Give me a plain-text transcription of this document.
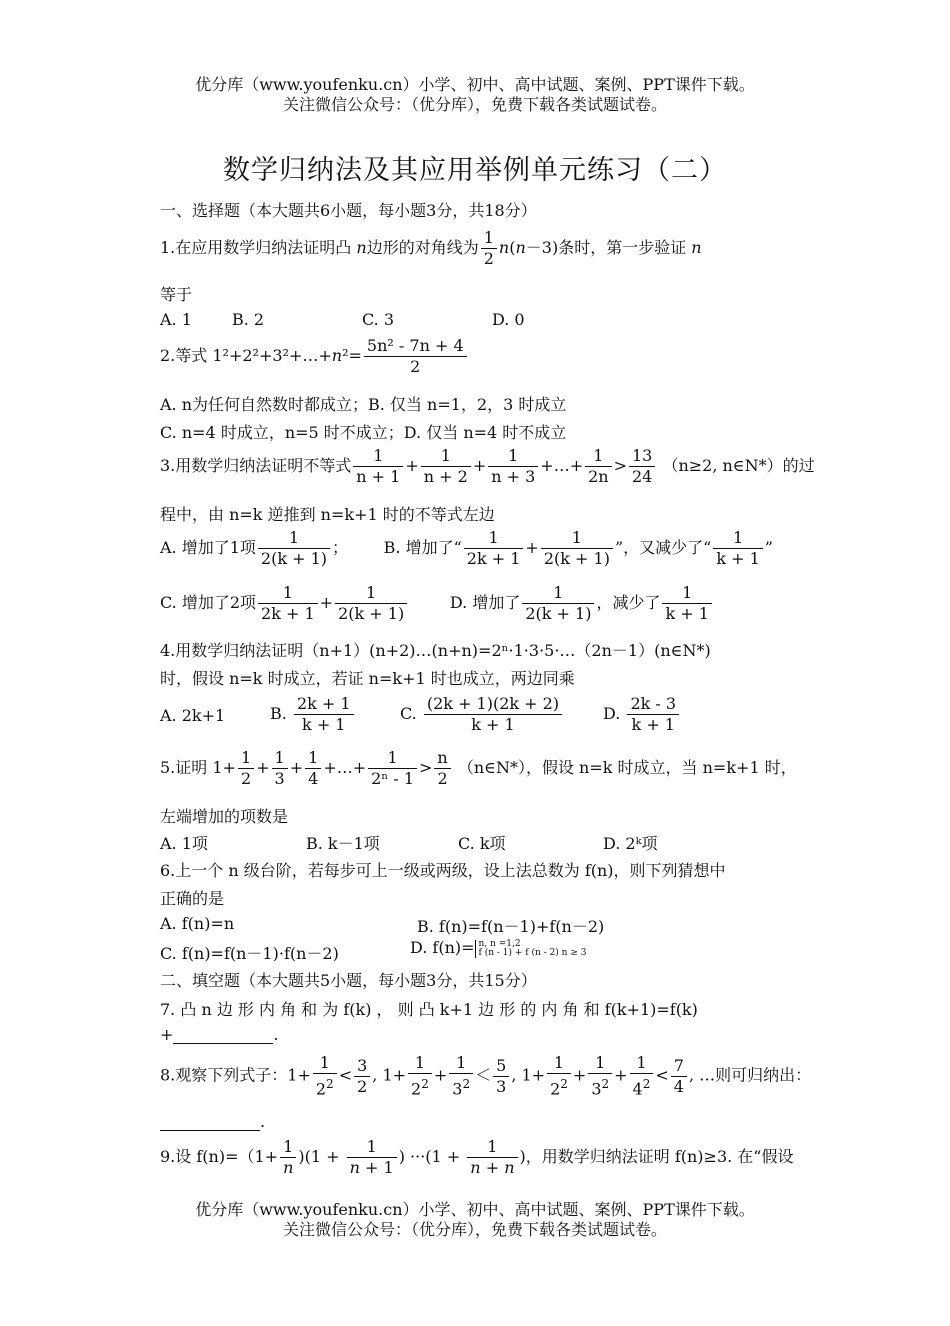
优分库（www.youfenku.cn）小学、初中、高中试题、案例、PPT课件下载。
关注微信公众号：（优分库），免费下载各类试题试卷。
数学归纳法及其应用举例单元练习（二）
一、选择题（本大题共6小题，每小题3分，共18分）
1.在应用数学归纳法证明凸 n边形的对角线为 $\frac{1}{2} n(n-3)$条时，第一步验证 n
等于
A. 1	B. 2	C. 3	D. 0
2.等式 1²+2²+3²+…+n²= $\frac{\text{5n² - 7n + 4}}{2}$
A. n为任何自然数时都成立；B. 仅当 n=1，2，3 时成立
C. n=4 时成立，n=5 时不成立；D. 仅当 n=4 时不成立
3.用数学归纳法证明不等式 $\frac{1}{n + 1} + \frac{1}{n + 2} + \frac{1}{n + 3}$ +…+ $\frac{1}{2n} > \frac{13}{24} (n\ge 2$, n∈N*）的过
程中，由 n=k 逆推到 n=k+1 时的不等式左边
A. 增加了1项 $\frac{1}{2(k + 1)}$ ；       B. 增加了“ $\frac{1}{2k + 1} + \frac{1}{2(k + 1)}$ ”，又减少了“ $\frac{1}{k + 1}$ ”
C. 增加了2项 $\frac{1}{2k + 1} + \frac{1}{2(k + 1)}$	D. 增加了 $\frac{1}{2(k + 1)}$ ，减少了 $\frac{1}{k + 1}$
4.用数学归纳法证明（n+1）(n+2)…(n+n)=2ⁿ·1·3·5·…（2n－1）(n∈N*)
时，假设 n=k 时成立，若证 n=k+1 时也成立，两边同乘
A. 2k+1	B. $\frac{2k + 1}{k + 1}$	C. $\frac{(2k + 1)(2k + 2)}{k + 1}$	D. $\frac{2k - 3}{k + 1}$
5.证明 $1+ \frac{1}{2} + \frac{1}{3} + \frac{1}{4}$ +…+ $\frac{1}{\text{2ⁿ - 1}} > \frac{n}{2}$ （n∈N*），假设 n=k 时成立，当 n=k+1 时，
左端增加的项数是
A. 1项	B. k－1项	C. k项	D. 2ᵏ项
6.上一个 n 级台阶，若每步可上一级或两级，设上法总数为 f(n)，则下列猜想中
正确的是
A. f(n)=n	B. f(n)=f(n－1)+f(n－2)
C. f(n)=f(n－1)·f(n－2)	D. f(n)= n, n =1,2
f (n - 1) + f (n - 2) n ≥ 3
二、填空题（本大题共5小题，每小题3分，共15分）
7. 凸 n 边 形 内 角 和 为 f(k) ， 则 凸 k+1 边 形 的 内 角 和 f(k+1)=f(k)
+	.
8.观察下列式子：$1+ \frac{1}{2^2} < \frac{3}{2}$ , $1+ \frac{1}{2^2} + \frac{1}{3^2} < \frac{5}{3}$ , $1+ \frac{1}{2^2} + \frac{1}{3^2} + \frac{1}{4^2} < \frac{7}{4}$ , …则可归纳出：
.
9.设 $f(n)=(1+ \frac{1}{n} )(1 + \frac{1}{n + 1}$ ) $\cdot\cdot\cdot(1 + \frac{1}{n + n}$ )，用数学归纳法证明 f(n)≥3. 在“假设
优分库（www.youfenku.cn）小学、初中、高中试题、案例、PPT课件下载。
关注微信公众号：（优分库），免费下载各类试题试卷。
